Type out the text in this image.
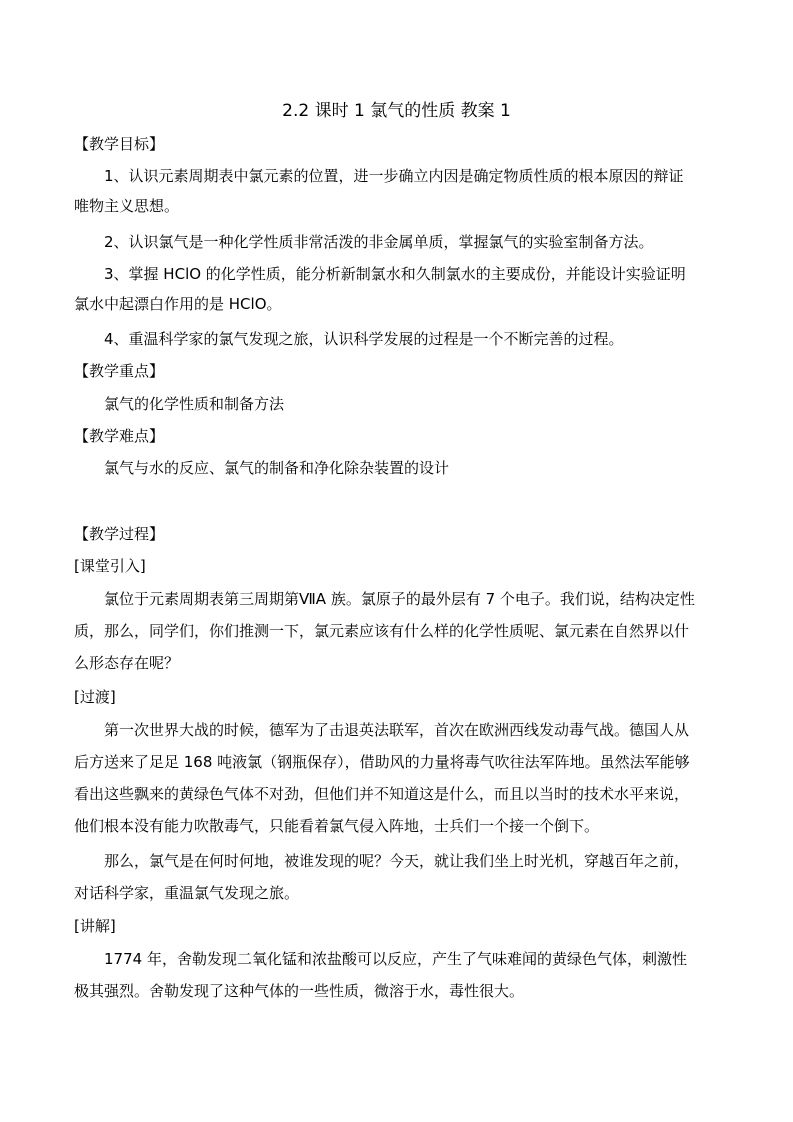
2.2 课时 1 氯气的性质 教案 1
【教学目标】
1、认识元素周期表中氯元素的位置，进一步确立内因是确定物质性质的根本原因的辩证
唯物主义思想。
2、认识氯气是一种化学性质非常活泼的非金属单质，掌握氯气的实验室制备方法。
3、掌握 HClO 的化学性质，能分析新制氯水和久制氯水的主要成份，并能设计实验证明
氯水中起漂白作用的是 HClO。
4、重温科学家的氯气发现之旅，认识科学发展的过程是一个不断完善的过程。
【教学重点】
氯气的化学性质和制备方法
【教学难点】
氯气与水的反应、氯气的制备和净化除杂装置的设计
【教学过程】
[课堂引入]
氯位于元素周期表第三周期第ⅦA 族。氯原子的最外层有 7 个电子。我们说，结构决定性
质，那么，同学们，你们推测一下，氯元素应该有什么样的化学性质呢、氯元素在自然界以什
么形态存在呢？
[过渡]
第一次世界大战的时候，德军为了击退英法联军，首次在欧洲西线发动毒气战。德国人从
后方送来了足足 168 吨液氯（钢瓶保存），借助风的力量将毒气吹往法军阵地。虽然法军能够
看出这些飘来的黄绿色气体不对劲，但他们并不知道这是什么，而且以当时的技术水平来说，
他们根本没有能力吹散毒气，只能看着氯气侵入阵地，士兵们一个接一个倒下。
那么，氯气是在何时何地，被谁发现的呢？今天，就让我们坐上时光机，穿越百年之前，
对话科学家，重温氯气发现之旅。
[讲解]
1774 年，舍勒发现二氧化锰和浓盐酸可以反应，产生了气味难闻的黄绿色气体，刺激性
极其强烈。舍勒发现了这种气体的一些性质，微溶于水，毒性很大。
